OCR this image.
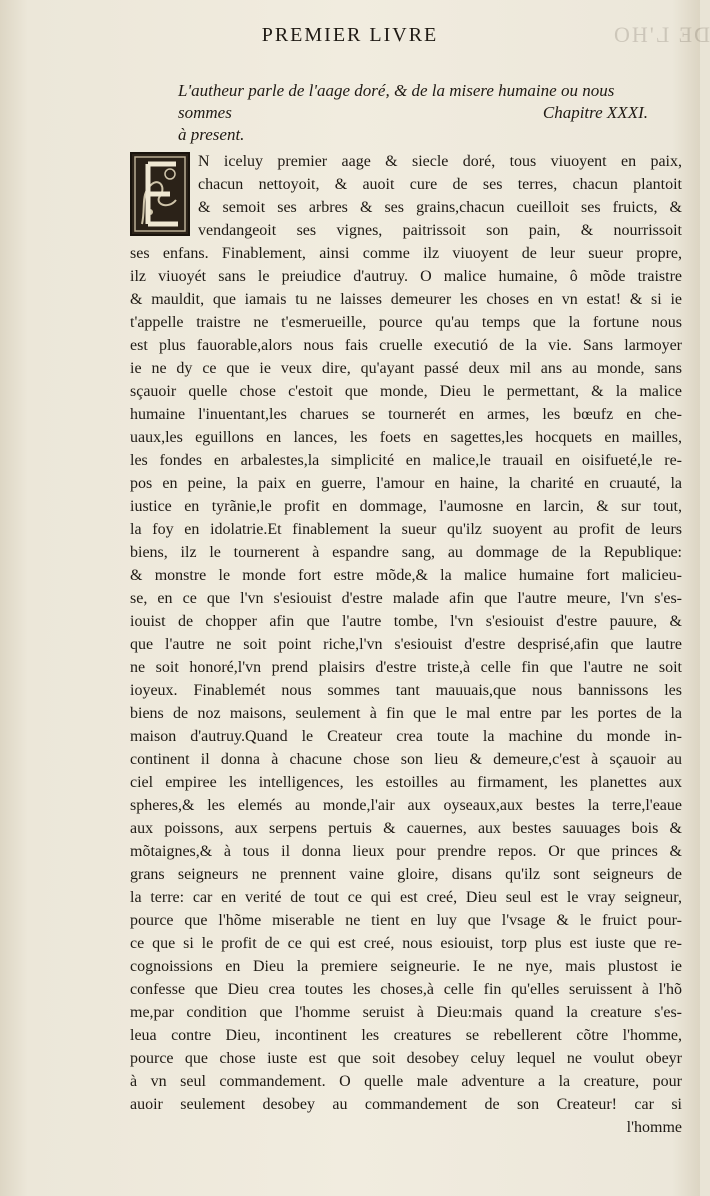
DE L'HO
PREMIER LIVRE
L'autheur parle de l'aage doré, & de la misere humaine ou nous sommes
à present.
Chapitre XXXI.
N iceluy premier aage & siecle doré, tous viuoyent en paix,
chacun nettoyoit, & auoit cure de ses terres, chacun plantoit
& semoit ses arbres & ses grains,chacun cueilloit ses fruicts, &
vendangeoit ses vignes, paitrissoit son pain, & nourrissoit
ses enfans. Finablement, ainsi comme ilz viuoyent de leur sueur propre,
ilz viuoyét sans le preiudice d'autruy. O malice humaine, ô mõde traistre
& mauldit, que iamais tu ne laisses demeurer les choses en vn estat! & si ie
t'appelle traistre ne t'esmerueille, pource qu'au temps que la fortune nous
est plus fauorable,alors nous fais cruelle executió de la vie. Sans larmoyer
ie ne dy ce que ie veux dire, qu'ayant passé deux mil ans au monde, sans
sçauoir quelle chose c'estoit que monde, Dieu le permettant, & la malice
humaine l'inuentant,les charues se tournerét en armes, les bœufz en che-
uaux,les eguillons en lances, les foets en sagettes,les hocquets en mailles,
les fondes en arbalestes,la simplicité en malice,le trauail en oisifueté,le re-
pos en peine, la paix en guerre, l'amour en haine, la charité en cruauté, la
iustice en tyrãnie,le profit en dommage, l'aumosne en larcin, & sur tout,
la foy en idolatrie.Et finablement la sueur qu'ilz suoyent au profit de leurs
biens, ilz le tournerent à espandre sang, au dommage de la Republique:
& monstre le monde fort estre mõde,& la malice humaine fort malicieu-
se, en ce que l'vn s'esiouist d'estre malade afin que l'autre meure, l'vn s'es-
iouist de chopper afin que l'autre tombe, l'vn s'esiouist d'estre pauure, &
que l'autre ne soit point riche,l'vn s'esiouist d'estre desprisé,afin que lautre
ne soit honoré,l'vn prend plaisirs d'estre triste,à celle fin que l'autre ne soit
ioyeux. Finablemét nous sommes tant mauuais,que nous bannissons les
biens de noz maisons, seulement à fin que le mal entre par les portes de la
maison d'autruy.Quand le Createur crea toute la machine du monde in-
continent il donna à chacune chose son lieu & demeure,c'est à sçauoir au
ciel empiree les intelligences, les estoilles au firmament, les planettes aux
spheres,& les elemés au monde,l'air aux oyseaux,aux bestes la terre,l'eaue
aux poissons, aux serpens pertuis & cauernes, aux bestes sauuages bois &
mõtaignes,& à tous il donna lieux pour prendre repos. Or que princes &
grans seigneurs ne prennent vaine gloire, disans qu'ilz sont seigneurs de
la terre: car en verité de tout ce qui est creé, Dieu seul est le vray seigneur,
pource que l'hõme miserable ne tient en luy que l'vsage & le fruict pour-
ce que si le profit de ce qui est creé, nous esiouist, torp plus est iuste que re-
cognoissions en Dieu la premiere seigneurie. Ie ne nye, mais plustost ie
confesse que Dieu crea toutes les choses,à celle fin qu'elles seruissent à l'hõ
me,par condition que l'homme seruist à Dieu:mais quand la creature s'es-
leua contre Dieu, incontinent les creatures se rebellerent cõtre l'homme,
pource que chose iuste est que soit desobey celuy lequel ne voulut obeyr
à vn seul commandement. O quelle male adventure a la creature, pour
auoir seulement desobey au commandement de son Createur! car si
l'homme
